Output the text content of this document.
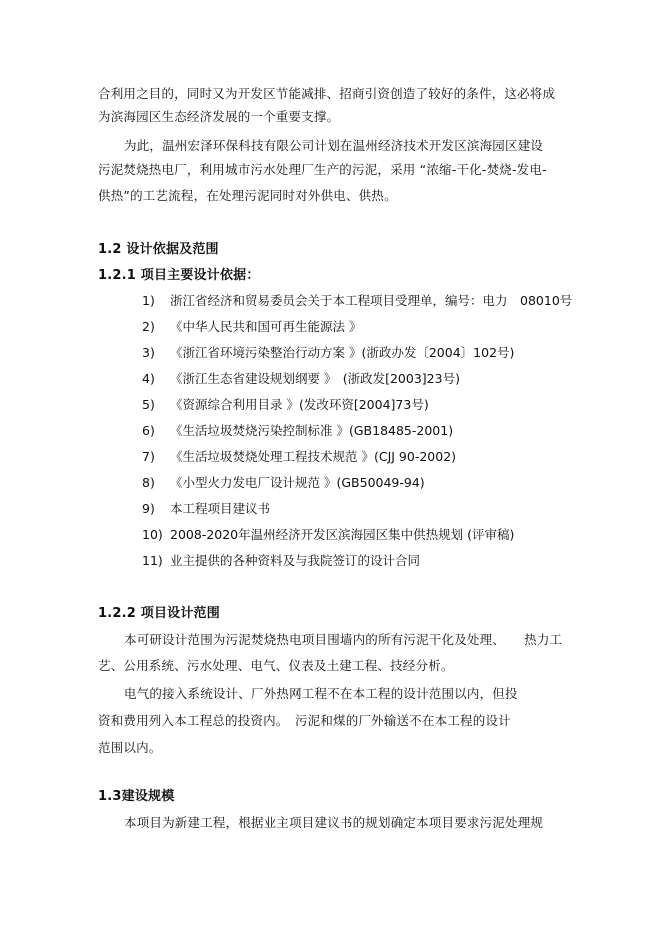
合利用之目的，同时又为开发区节能减排、招商引资创造了较好的条件，这必将成
为滨海园区生态经济发展的一个重要支撑。
为此，温州宏泽环保科技有限公司计划在温州经济技术开发区滨海园区建设
污泥焚烧热电厂，利用城市污水处理厂生产的污泥，采用 “浓缩-干化-焚烧-发电-
供热”的工艺流程，在处理污泥同时对外供电、供热。
1.2 设计依据及范围
1.2.1 项目主要设计依据：
1) 浙江省经济和贸易委员会关于本工程项目受理单，编号：电力　08010号
2) 《中华人民共和国可再生能源法 》
3) 《浙江省环境污染整治行动方案 》(浙政办发〔2004〕102号)
4) 《浙江生态省建设规划纲要 》　(浙政发[2003]23号)
5) 《资源综合利用目录 》(发改环资[2004]73号)
6) 《生活垃圾焚烧污染控制标准 》(GB18485-2001)
7) 《生活垃圾焚烧处理工程技术规范 》(CJJ 90-2002)
8) 《小型火力发电厂设计规范 》(GB50049-94)
9) 本工程项目建议书
10) 2008-2020年温州经济开发区滨海园区集中供热规划 (评审稿)
11) 业主提供的各种资料及与我院签订的设计合同
1.2.2 项目设计范围
本可研设计范围为污泥焚烧热电项目围墙内的所有污泥干化及处理、　　热力工
艺、公用系统、污水处理、电气、仪表及土建工程、技经分析。
电气的接入系统设计、厂外热网工程不在本工程的设计范围以内，但投
资和费用列入本工程总的投资内。　污泥和煤的厂外输送不在本工程的设计
范围以内。
1.3建设规模
本项目为新建工程，根据业主项目建议书的规划确定本项目要求污泥处理规
